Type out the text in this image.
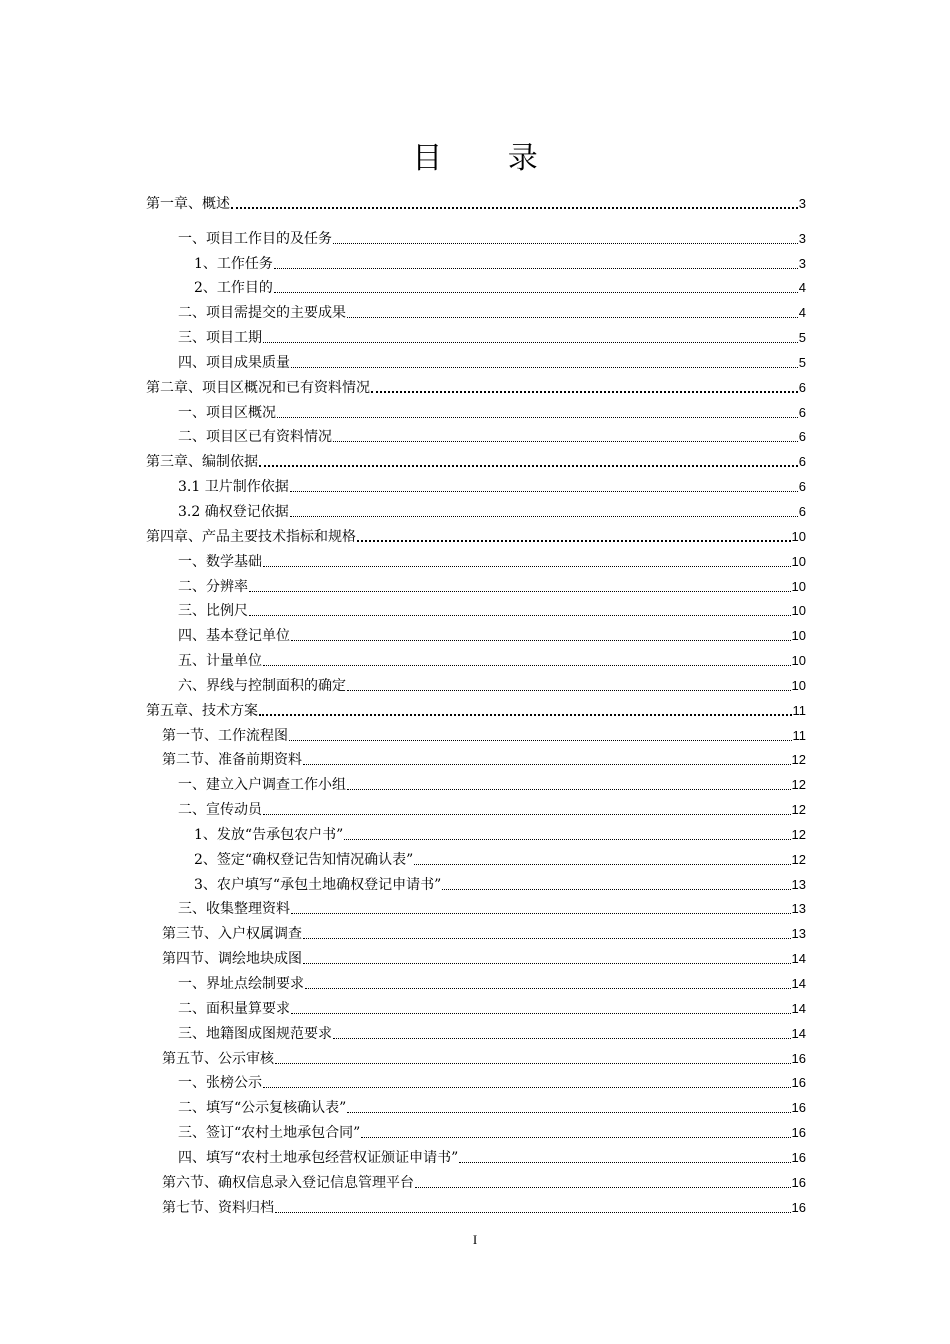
目 录
第一章、概述	3
一、项目工作目的及任务	3
1、工作任务	3
2、工作目的	4
二、项目需提交的主要成果	4
三、项目工期	5
四、项目成果质量	5
第二章、项目区概况和已有资料情况	6
一、项目区概况	6
二、项目区已有资料情况	6
第三章、编制依据	6
3.1 卫片制作依据	6
3.2 确权登记依据	6
第四章、产品主要技术指标和规格	10
一、数学基础	10
二、分辨率	10
三、比例尺	10
四、基本登记单位	10
五、计量单位	10
六、界线与控制面积的确定	10
第五章、技术方案	11
第一节、工作流程图	11
第二节、准备前期资料	12
一、建立入户调查工作小组	12
二、宣传动员	12
1、发放“告承包农户书”	12
2、签定“确权登记告知情况确认表”	12
3、农户填写“承包土地确权登记申请书”	13
三、收集整理资料	13
第三节、入户权属调查	13
第四节、调绘地块成图	14
一、界址点绘制要求	14
二、面积量算要求	14
三、地籍图成图规范要求	14
第五节、公示审核	16
一、张榜公示	16
二、填写“公示复核确认表”	16
三、签订“农村土地承包合同”	16
四、填写“农村土地承包经营权证颁证申请书”	16
第六节、确权信息录入登记信息管理平台	16
第七节、资料归档	16
I
